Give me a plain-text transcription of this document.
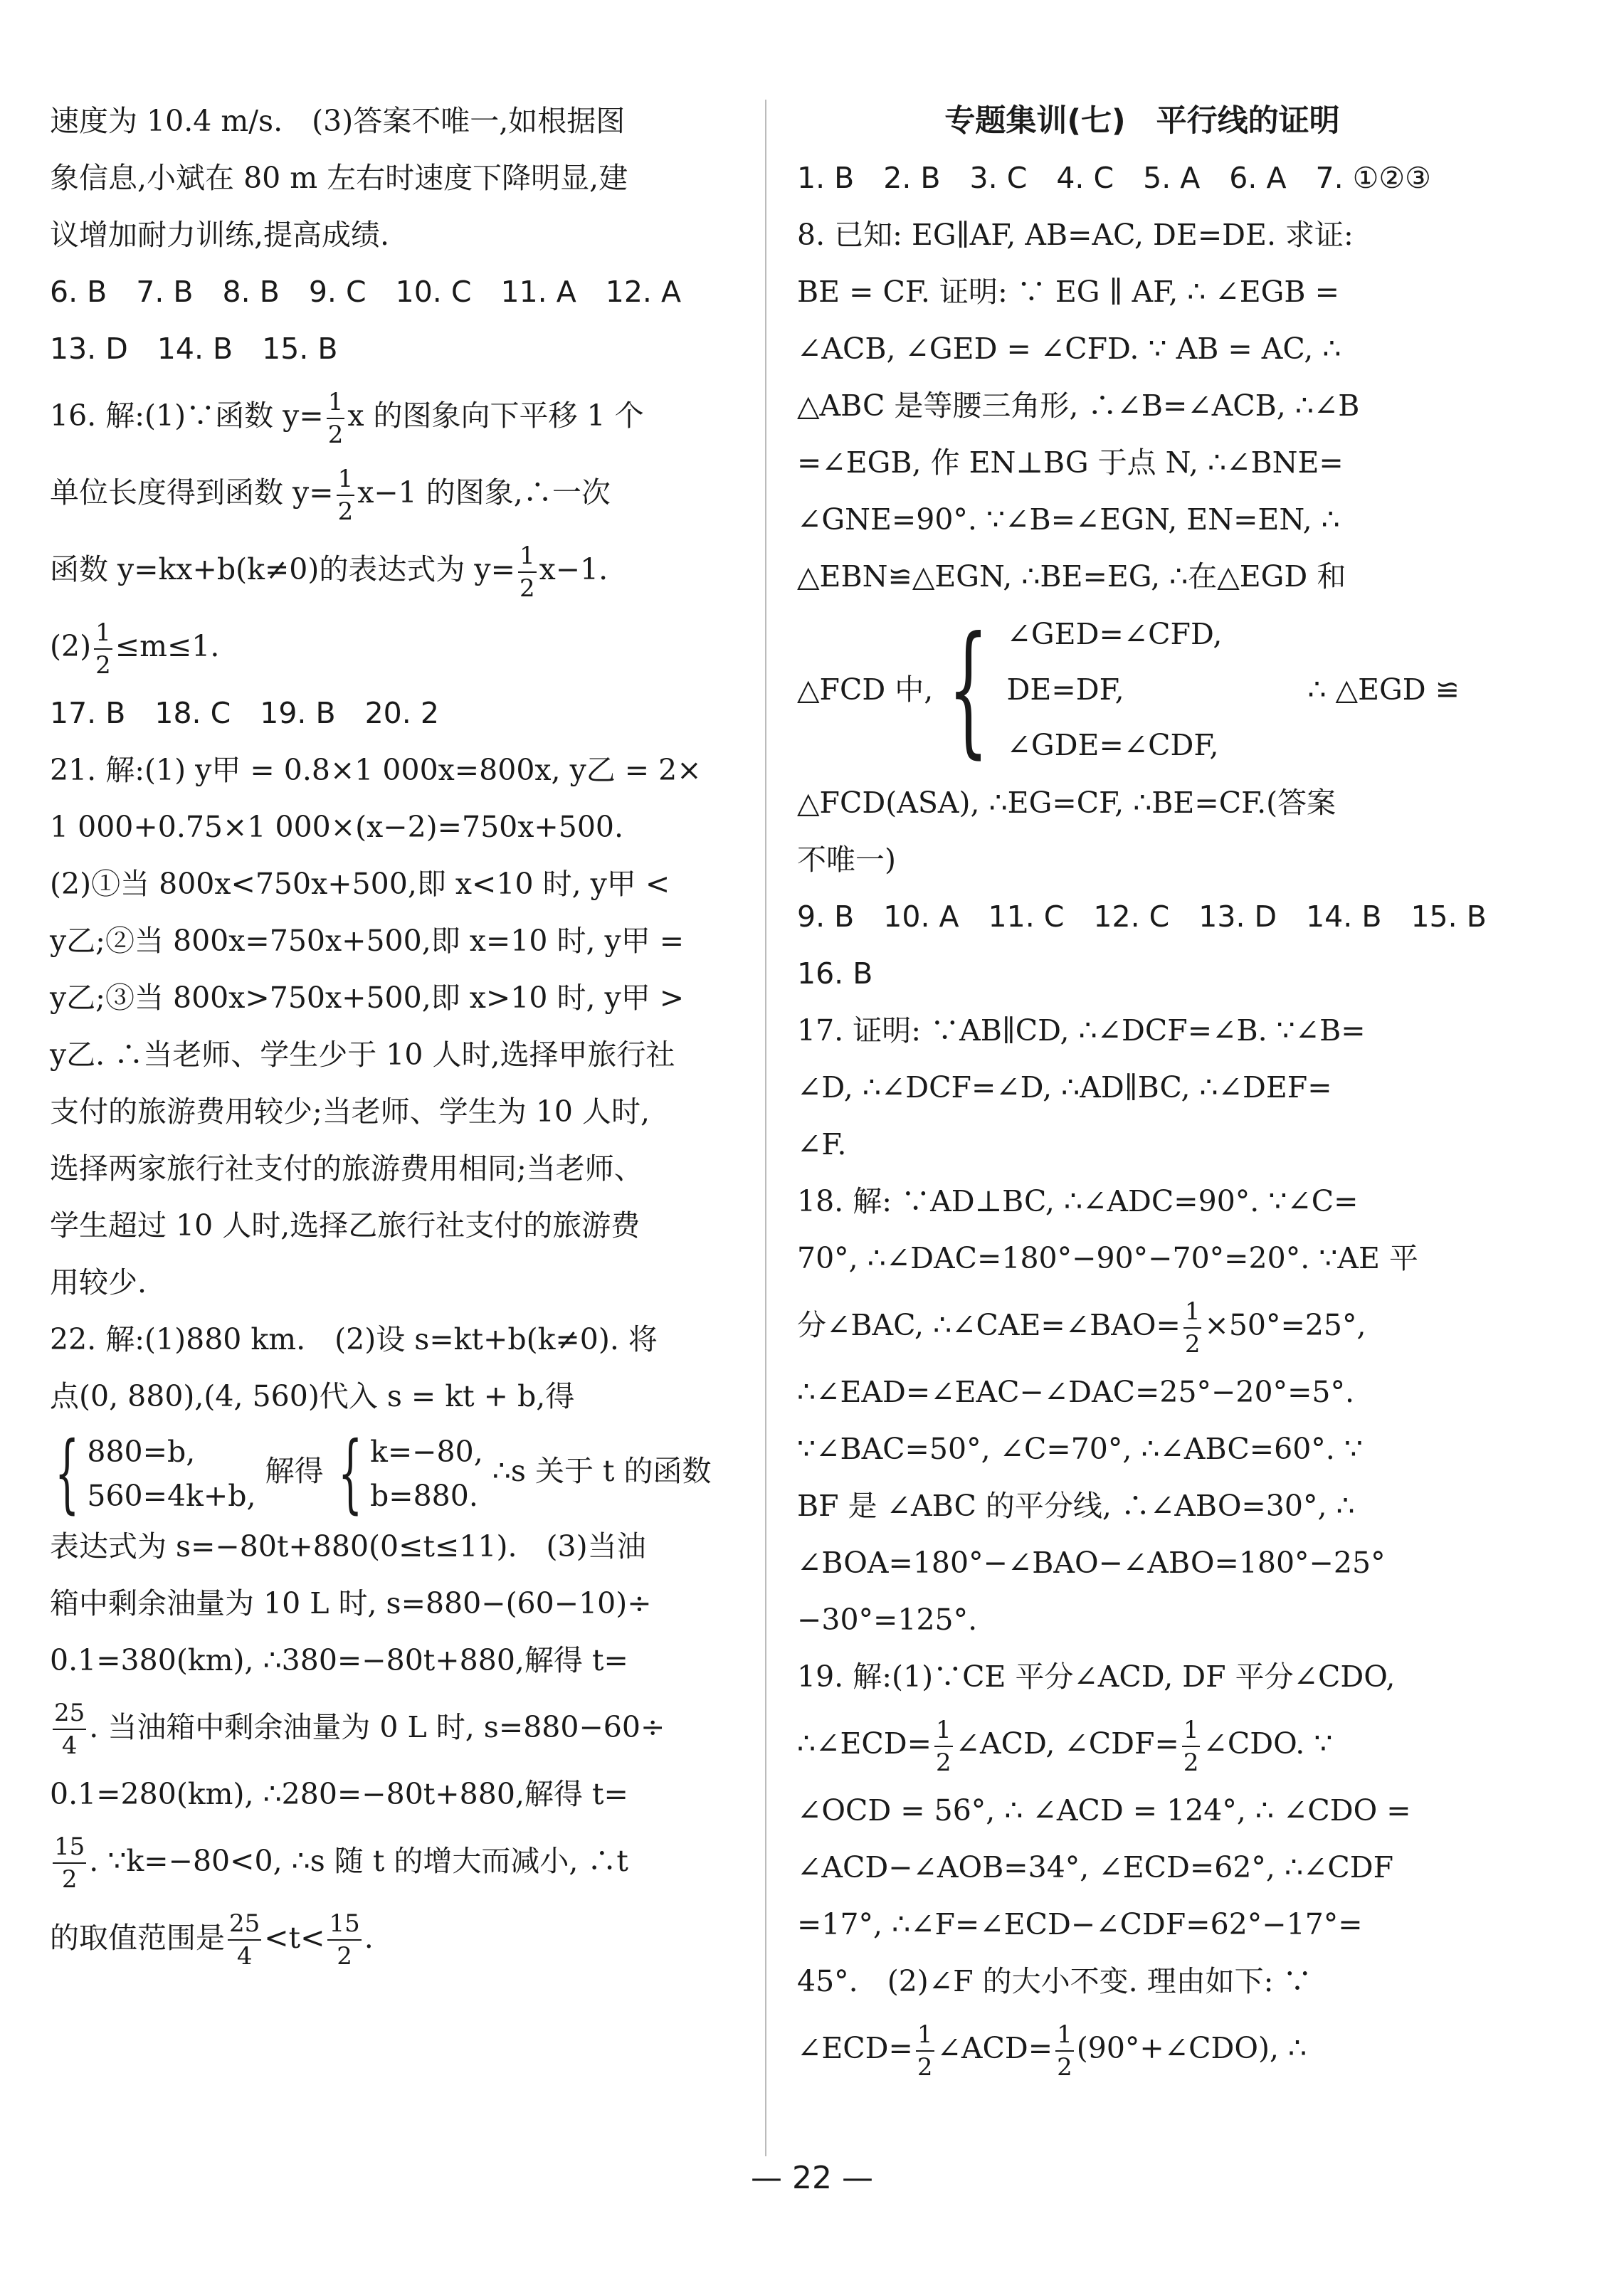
速度为 10.4 m/s.　(3)答案不唯一,如根据图
象信息,小斌在 80 m 左右时速度下降明显,建
议增加耐力训练,提高成绩.
6. B　7. B　8. B　9. C　10. C　11. A　12. A
13. D　14. B　15. B
16. 解:(1)∵函数 $y= \frac{1}{2}$ x 的图象向下平移 1 个
单位长度得到函数 $y= \frac{1}{2} x-1$ 的图象,∴一次
函数 y=kx+b(k≠0)的表达式为 $y= \frac{1}{2} x-1$.
$(2) \frac{1}{2} \le m\le 1$.
17. B　18. C　19. B　20. 2
21. 解:(1) y甲 = 0.8×1 000x=800x, y乙 = 2×
1 000+0.75×1 000×(x−2)=750x+500.
(2)①当 800x<750x+500,即 x<10 时, y甲 <
y乙;②当 800x=750x+500,即 x=10 时, y甲 =
y乙;③当 800x>750x+500,即 x>10 时, y甲 >
y乙. ∴当老师、学生少于 10 人时,选择甲旅行社
支付的旅游费用较少;当老师、学生为 10 人时,
选择两家旅行社支付的旅游费用相同;当老师、
学生超过 10 人时,选择乙旅行社支付的旅游费
用较少.
22. 解:(1)880 km.　(2)设 s=kt+b(k≠0). 将
点(0, 880),(4, 560)代入 s = kt + b,得
{ 880=b,
560=4k+b,
解得 { k=−80,
b=880.
∴s 关于 t 的函数
表达式为 s=−80t+880(0≤t≤11).　(3)当油
箱中剩余油量为 10 L 时, s=880−(60−10)÷
0.1=380(km), ∴380=−80t+880,解得 t=
$\frac{25}{4}$ . 当油箱中剩余油量为 0 L 时, s=880−60÷
0.1=280(km), ∴280=−80t+880,解得 t=
$\frac{15}{2}$ . ∵k=−80<0, ∴s 随 t 的增大而减小, ∴t
的取值范围是 $\frac{25}{4} <t< \frac{15}{2}$ .
专题集训(七)　平行线的证明
1. B　2. B　3. C　4. C　5. A　6. A　7. ①②③
8. 已知: EG∥AF, AB=AC, DE=DE. 求证:
BE = CF. 证明: ∵ EG ∥ AF, ∴ ∠EGB =
∠ACB, ∠GED = ∠CFD. ∵ AB = AC, ∴
△ABC 是等腰三角形, ∴∠B=∠ACB, ∴∠B
=∠EGB, 作 EN⊥BG 于点 N, ∴∠BNE=
∠GNE=90°. ∵∠B=∠EGN, EN=EN, ∴
△EBN≌△EGN, ∴BE=EG, ∴在△EGD 和
△FCD 中, { ∠GED=∠CFD,
DE=DF,
∠GDE=∠CDF,
∴ △EGD ≌
△FCD(ASA), ∴EG=CF, ∴BE=CF.(答案
不唯一)
9. B　10. A　11. C　12. C　13. D　14. B　15. B
16. B
17. 证明: ∵AB∥CD, ∴∠DCF=∠B. ∵∠B=
∠D, ∴∠DCF=∠D, ∴AD∥BC, ∴∠DEF=
∠F.
18. 解: ∵AD⊥BC, ∴∠ADC=90°. ∵∠C=
70°, ∴∠DAC=180°−90°−70°=20°. ∵AE 平
分∠BAC, ∴∠CAE=∠BAO= $\frac{1}{2} \times 50^\circ=25^\circ$,
∴∠EAD=∠EAC−∠DAC=25°−20°=5°.
∵∠BAC=50°, ∠C=70°, ∴∠ABC=60°. ∵
BF 是 ∠ABC 的平分线, ∴∠ABO=30°, ∴
∠BOA=180°−∠BAO−∠ABO=180°−25°
−30°=125°.
19. 解:(1)∵CE 平分∠ACD, DF 平分∠CDO,
∴∠ECD= $\frac{1}{2}$ ∠ACD, ∠CDF= $\frac{1}{2}$ ∠CDO. ∵
∠OCD = 56°, ∴ ∠ACD = 124°, ∴ ∠CDO =
∠ACD−∠AOB=34°, ∠ECD=62°, ∴∠CDF
=17°, ∴∠F=∠ECD−∠CDF=62°−17°=
45°.　(2)∠F 的大小不变. 理由如下: ∵
∠ECD= $\frac{1}{2}$ ∠ACD= $\frac{1}{2}$ (90°+∠CDO), ∴
— 22 —
